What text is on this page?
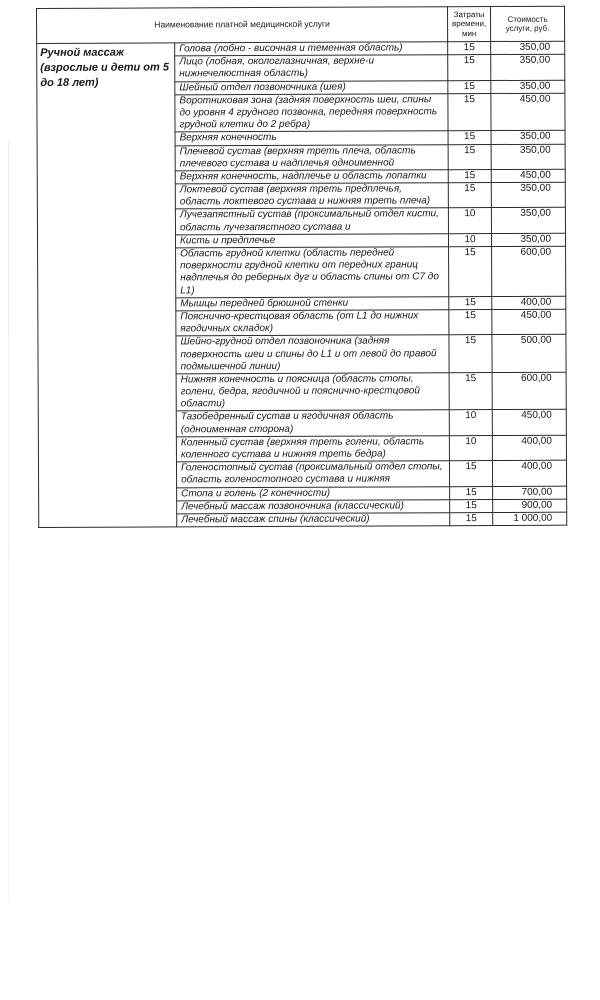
Наименование платной медицинской услуги		Затраты времени, мин	Стоимость услуги, руб.
Ручной массаж (взрослые и дети от 5 до 18 лет)	Голова (лобно - височная и теменная область)	15	350,00
	Лицо (лобная, окологлазничная, верхне-и нижнечелюстная область)	15	350,00
	Шейный отдел позвоночника (шея)	15	350,00
	Воротниковая зона (задняя поверхность шеи, спины до уровня 4 грудного позвонка, передняя поверхность грудной клетки до 2 ребра)	15	450,00
	Верхняя конечность	15	350,00
	Плечевой сустав (верхняя треть плеча, область плечевого сустава и надплечья одноименной	15	350,00
	Верхняя конечность, надплечье и область лопатки	15	450,00
	Локтевой сустав (верхняя треть предплечья, область локтевого сустава и нижняя треть плеча)	15	350,00
	Лучезапястный сустав (проксимальный отдел кисти, область лучезапястного сустава и	10	350,00
	Кисть и предплечье	10	350,00
	Область грудной клетки (область передней поверхности грудной клетки от передних границ надплечья до реберных дуг и область спины от С7 до L1)	15	600,00
	Мышцы передней брюшной стенки	15	400,00
	Пояснично-крестцовая область (от L1 до нижних ягодичных складок)	15	450,00
	Шейно-грудной отдел позвоночника (задняя поверхность шеи и спины до L1 и от левой до правой подмышечной линии)	15	500,00
	Нижняя конечность и поясница (область стопы, голени, бедра, ягодичной и пояснично-крестцовой области)	15	600,00
	Тазобедренный сустав и ягодичная область (одноименная сторона)	10	450,00
	Коленный сустав (верхняя треть голени, область коленного сустава и нижняя треть бедра)	10	400,00
	Голеностопный сустав (проксимальный отдел стопы, область голеностопного сустава и нижняя	15	400,00
	Стопа и голень (2 конечности)	15	700,00
	Лечебный массаж позвоночника (классический)	15	900,00
	Лечебный массаж спины (классический)	15	1 000,00
